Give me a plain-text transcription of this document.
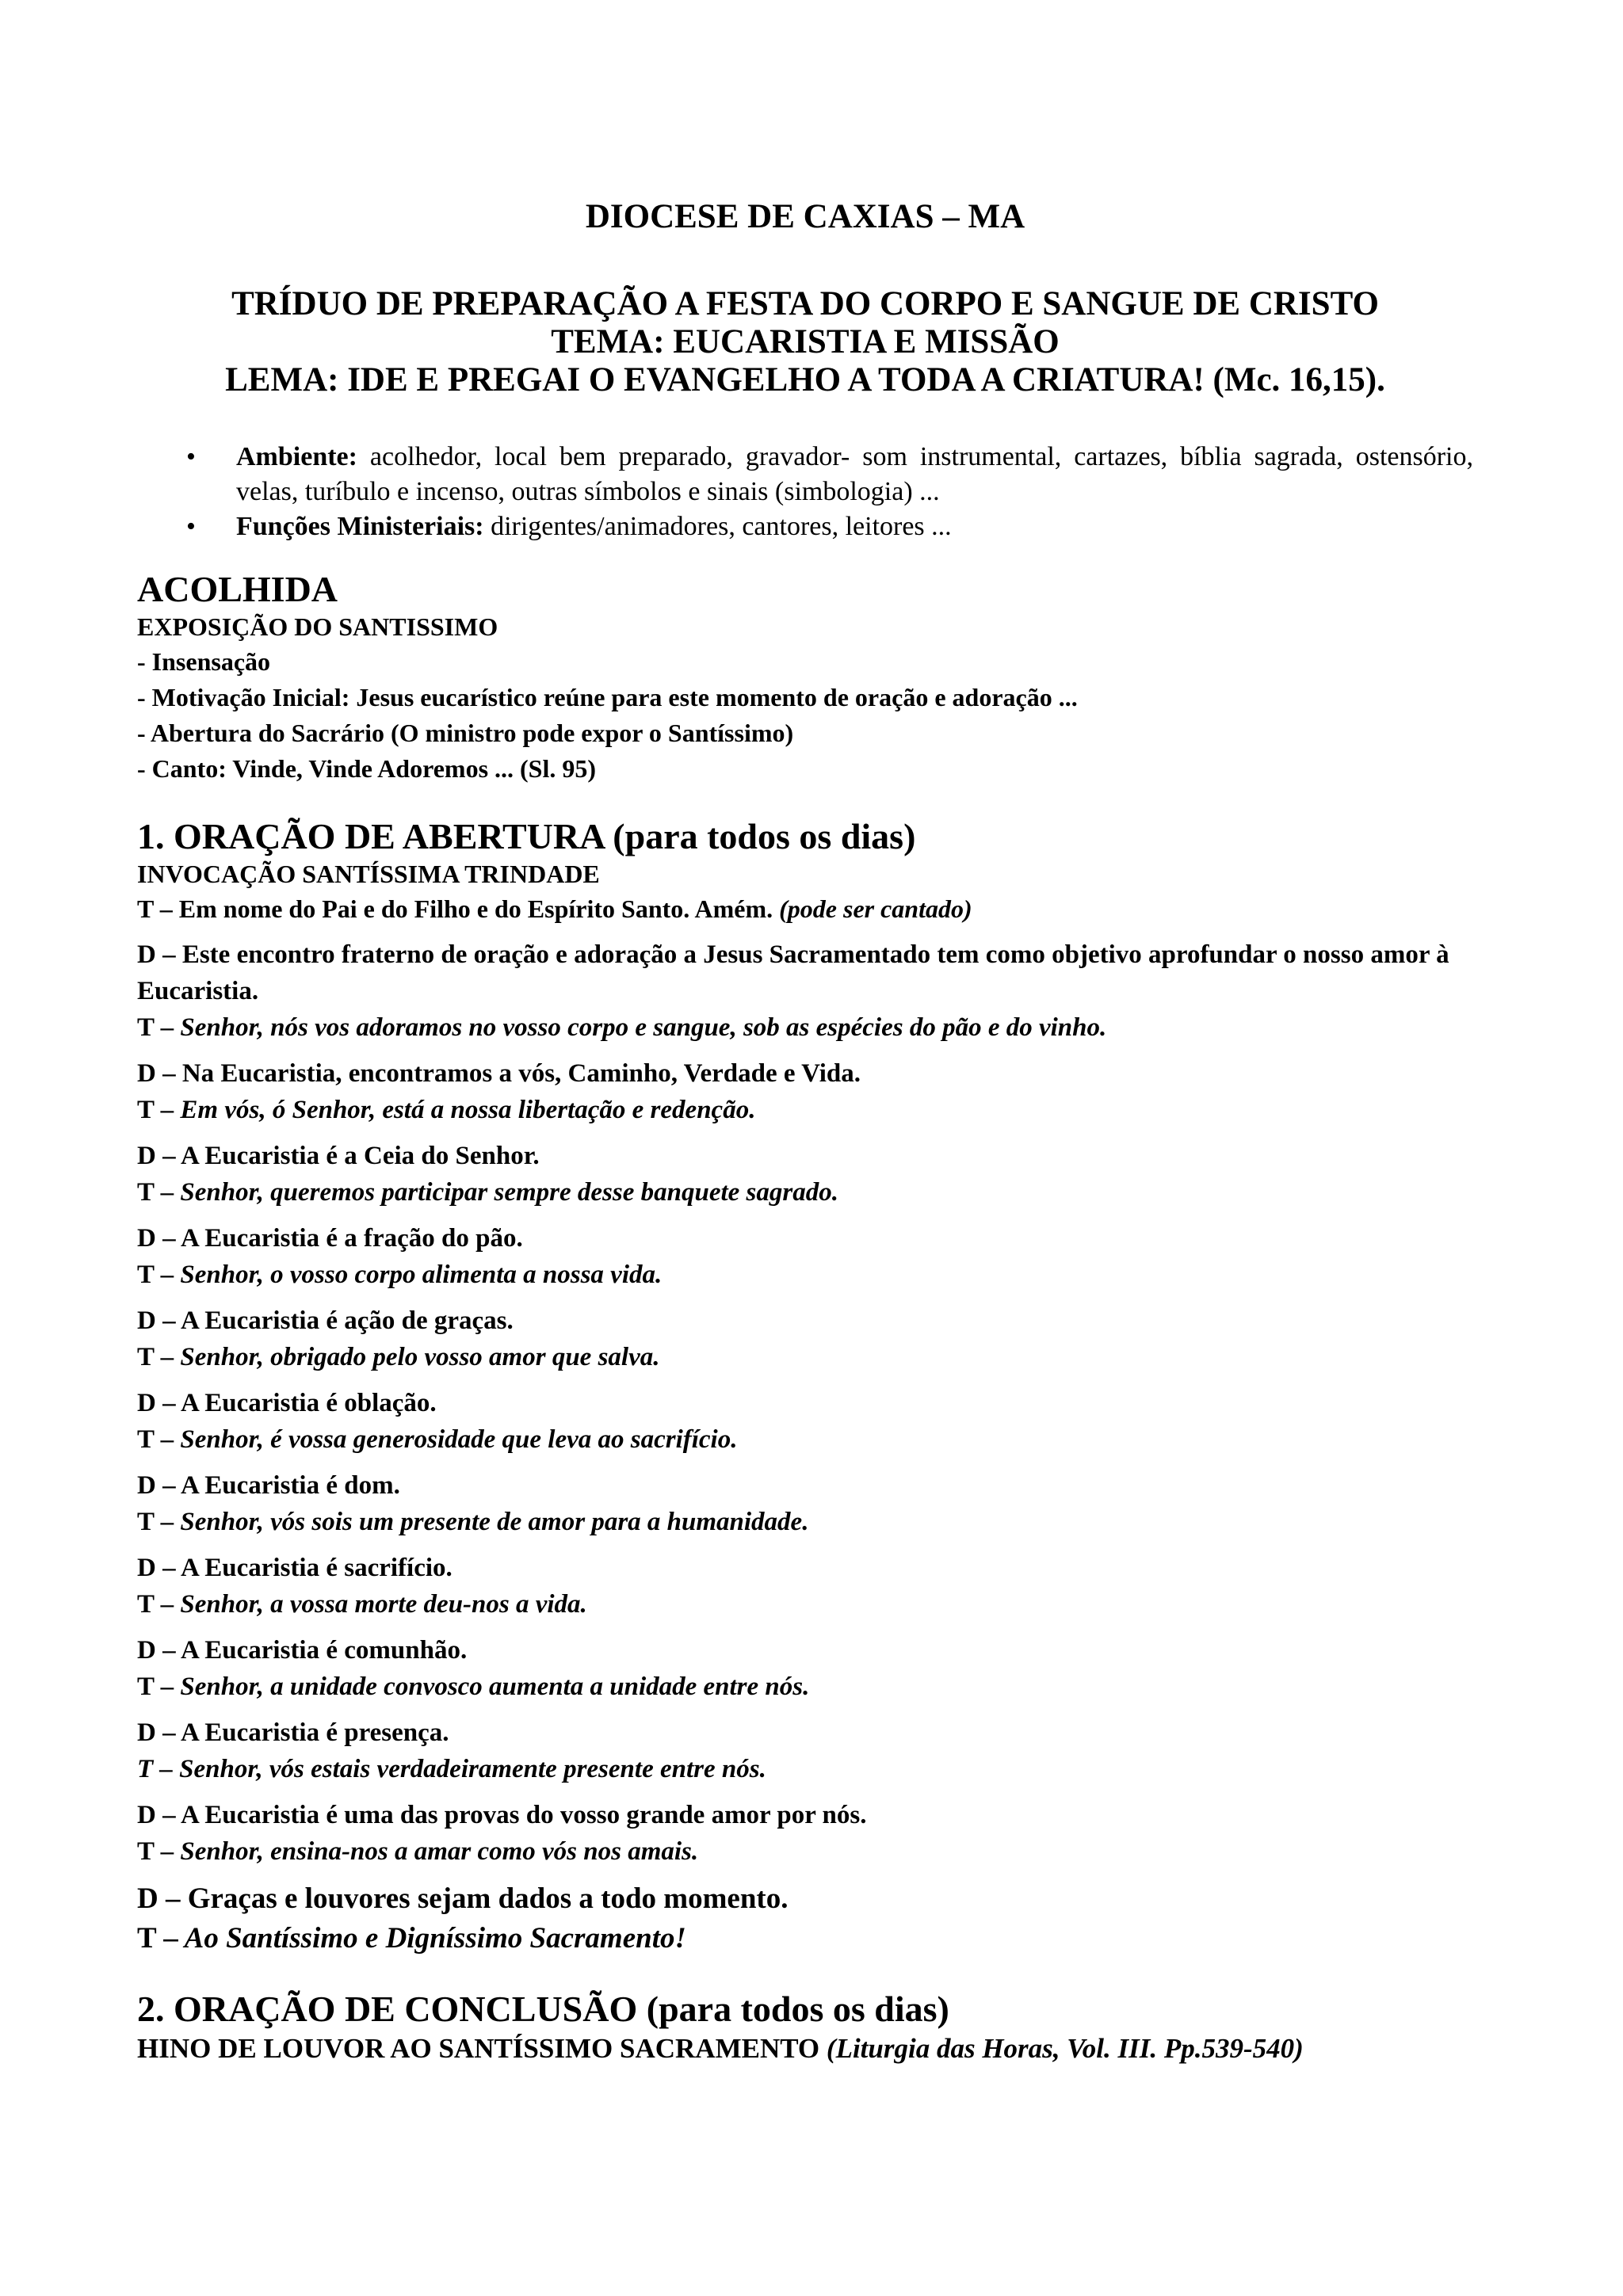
DIOCESE DE CAXIAS – MA
TRÍDUO DE PREPARAÇÃO A FESTA DO CORPO E SANGUE DE CRISTO
TEMA: EUCARISTIA E MISSÃO
LEMA: IDE E PREGAI O EVANGELHO A TODA A CRIATURA! (Mc. 16,15).
• Ambiente: acolhedor, local bem preparado, gravador- som instrumental, cartazes, bíblia sagrada, ostensório, velas, turíbulo e incenso, outras símbolos e sinais (simbologia) ...
• Funções Ministeriais: dirigentes/animadores, cantores, leitores ...
ACOLHIDA
EXPOSIÇÃO DO SANTISSIMO
- Insensação
- Motivação Inicial: Jesus eucarístico reúne para este momento de oração e adoração ...
- Abertura do Sacrário (O ministro pode expor o Santíssimo)
- Canto: Vinde, Vinde Adoremos ... (Sl. 95)
1. ORAÇÃO DE ABERTURA (para todos os dias)
INVOCAÇÃO SANTÍSSIMA TRINDADE
T – Em nome do Pai e do Filho e do Espírito Santo. Amém. (pode ser cantado)
D – Este encontro fraterno de oração e adoração a Jesus Sacramentado tem como objetivo aprofundar o nosso amor à Eucaristia.
T – Senhor, nós vos adoramos no vosso corpo e sangue, sob as espécies do pão e do vinho.
D – Na Eucaristia, encontramos a vós, Caminho, Verdade e Vida.
T – Em vós, ó Senhor, está a nossa libertação e redenção.
D – A Eucaristia é a Ceia do Senhor.
T – Senhor, queremos participar sempre desse banquete sagrado.
D – A Eucaristia é a fração do pão.
T – Senhor, o vosso corpo alimenta a nossa vida.
D – A Eucaristia é ação de graças.
T – Senhor, obrigado pelo vosso amor que salva.
D – A Eucaristia é oblação.
T – Senhor, é vossa generosidade que leva ao sacrifício.
D – A Eucaristia é dom.
T – Senhor, vós sois um presente de amor para a humanidade.
D – A Eucaristia é sacrifício.
T – Senhor, a vossa morte deu-nos a vida.
D – A Eucaristia é comunhão.
T – Senhor, a unidade convosco aumenta a unidade entre nós.
D – A Eucaristia é presença.
T – Senhor, vós estais verdadeiramente presente entre nós.
D – A Eucaristia é uma das provas do vosso grande amor por nós.
T – Senhor, ensina-nos a amar como vós nos amais.
D – Graças e louvores sejam dados a todo momento.
T – Ao Santíssimo e Digníssimo Sacramento!
2. ORAÇÃO DE CONCLUSÃO (para todos os dias)
HINO DE LOUVOR AO SANTÍSSIMO SACRAMENTO (Liturgia das Horas, Vol. III. Pp.539-540)
